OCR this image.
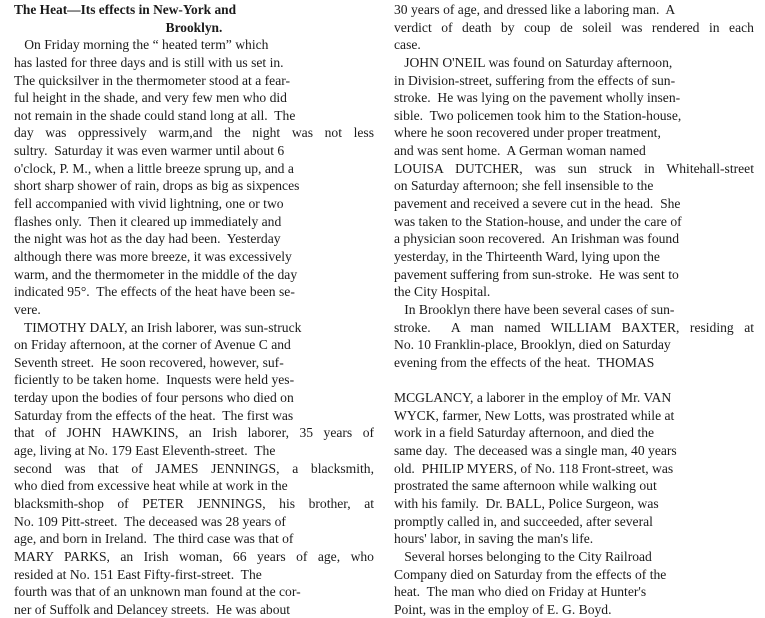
The Heat—Its effects in New-York and
Brooklyn.
On Friday morning the “ heated term” which
has lasted for three days and is still with us set in.
The quicksilver in the thermometer stood at a fear-
ful height in the shade, and very few men who did
not remain in the shade could stand long at all.  The
day was oppressively warm,and the night was not less
sultry.  Saturday it was even warmer until about 6
o'clock, P. M., when a little breeze sprung up, and a
short sharp shower of rain, drops as big as sixpences
fell accompanied with vivid lightning, one or two
flashes only.  Then it cleared up immediately and
the night was hot as the day had been.  Yesterday
although there was more breeze, it was excessively
warm, and the thermometer in the middle of the day
indicated 95°.  The effects of the heat have been se-
vere.
TIMOTHY DALY, an Irish laborer, was sun-struck
on Friday afternoon, at the corner of Avenue C and
Seventh street.  He soon recovered, however, suf-
ficiently to be taken home.  Inquests were held yes-
terday upon the bodies of four persons who died on
Saturday from the effects of the heat.  The first was
that of JOHN HAWKINS, an Irish laborer, 35 years of
age, living at No. 179 East Eleventh-street.  The
second was that of JAMES JENNINGS, a blacksmith,
who died from excessive heat while at work in the
blacksmith-shop of PETER JENNINGS, his brother, at
No. 109 Pitt-street.  The deceased was 28 years of
age, and born in Ireland.  The third case was that of
MARY PARKS, an Irish woman, 66 years of age, who
resided at No. 151 East Fifty-first-street.  The
fourth was that of an unknown man found at the cor-
ner of Suffolk and Delancey streets.  He was about
30 years of age, and dressed like a laboring man.  A
verdict of death by coup de soleil was rendered in each
case.
JOHN O'NEIL was found on Saturday afternoon,
in Division-street, suffering from the effects of sun-
stroke.  He was lying on the pavement wholly insen-
sible.  Two policemen took him to the Station-house,
where he soon recovered under proper treatment,
and was sent home.  A German woman named
LOUISA DUTCHER, was sun struck in Whitehall-street
on Saturday afternoon; she fell insensible to the
pavement and received a severe cut in the head.  She
was taken to the Station-house, and under the care of
a physician soon recovered.  An Irishman was found
yesterday, in the Thirteenth Ward, lying upon the
pavement suffering from sun-stroke.  He was sent to
the City Hospital.
In Brooklyn there have been several cases of sun-
stroke.  A man named WILLIAM BAXTER, residing at
No. 10 Franklin-place, Brooklyn, died on Saturday
evening from the effects of the heat.  THOMAS
MCGLANCY, a laborer in the employ of Mr. VAN
WYCK, farmer, New Lotts, was prostrated while at
work in a field Saturday afternoon, and died the
same day.  The deceased was a single man, 40 years
old.  PHILIP MYERS, of No. 118 Front-street, was
prostrated the same afternoon while walking out
with his family.  Dr. BALL, Police Surgeon, was
promptly called in, and succeeded, after several
hours' labor, in saving the man's life.
Several horses belonging to the City Railroad
Company died on Saturday from the effects of the
heat.  The man who died on Friday at Hunter's
Point, was in the employ of E. G. Boyd.
